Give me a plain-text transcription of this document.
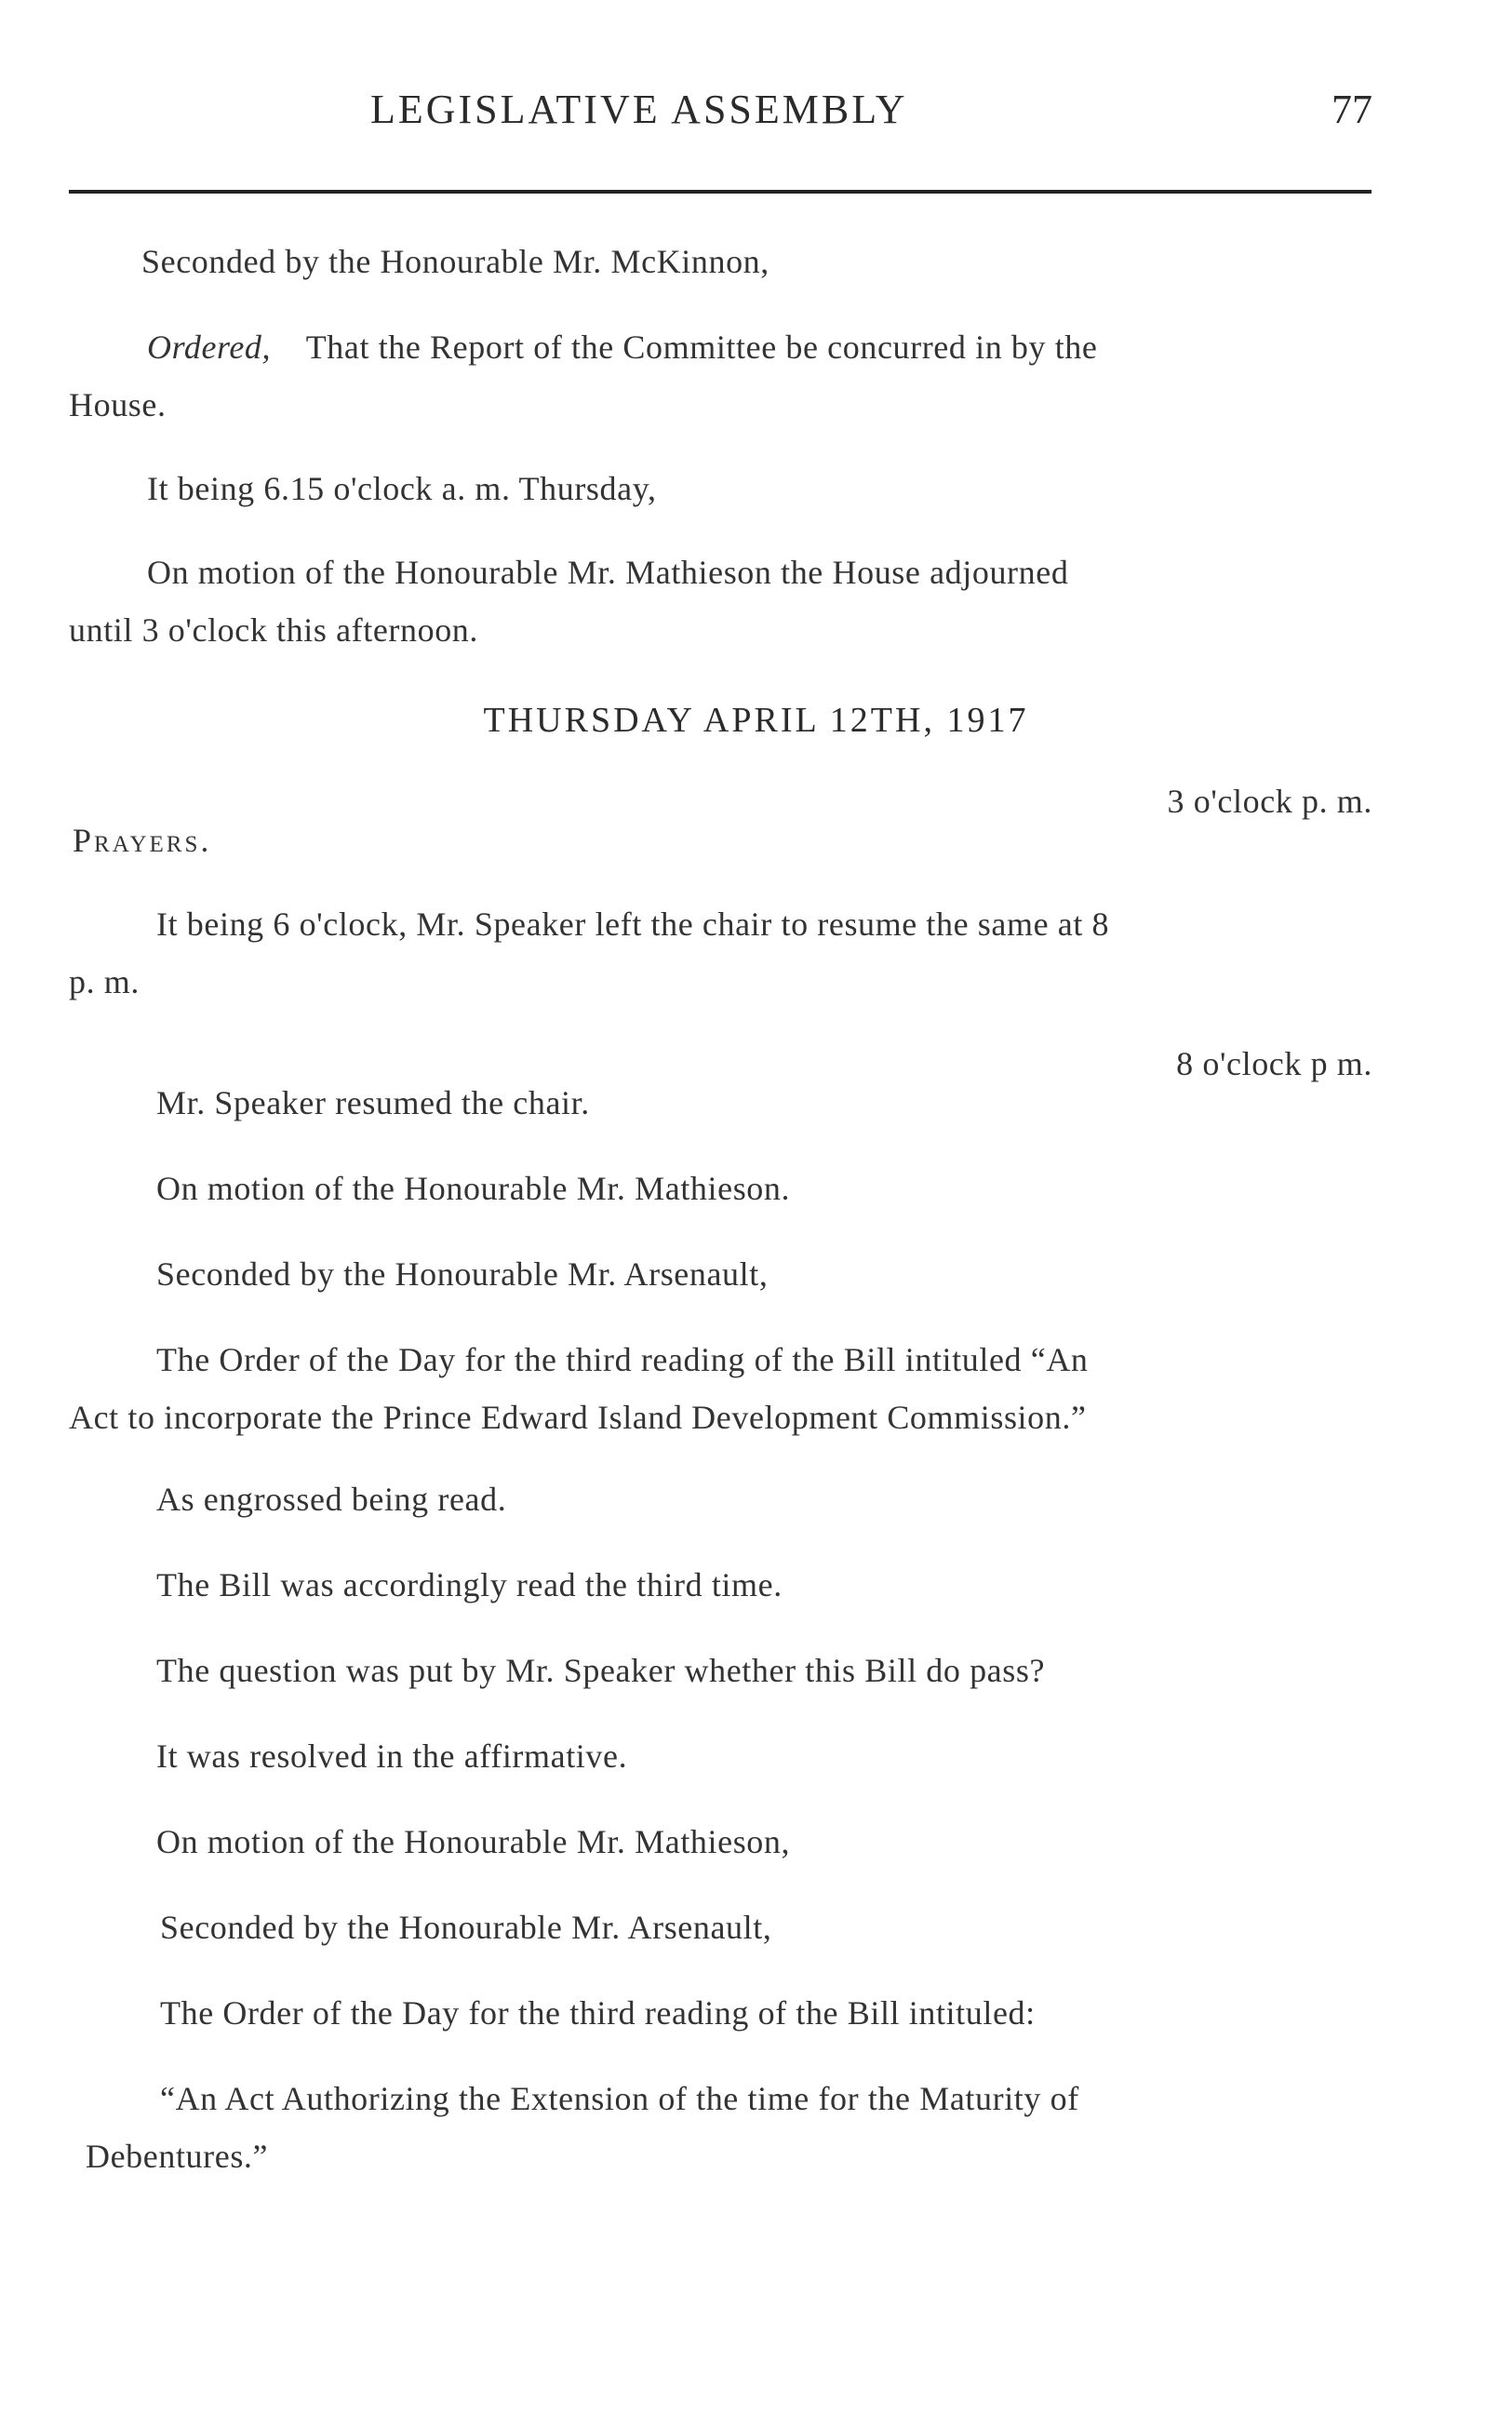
LEGISLATIVE ASSEMBLY	77
Seconded by the Honourable Mr. McKinnon,
Ordered, That the Report of the Committee be concurred in by the
House.
It being 6.15 o'clock a. m. Thursday,
On motion of the Honourable Mr. Mathieson the House adjourned
until 3 o'clock this afternoon.
THURSDAY APRIL 12TH, 1917
3 o'clock p. m.
Prayers.
It being 6 o'clock, Mr. Speaker left the chair to resume the same at 8
p. m.
8 o'clock p m.
Mr. Speaker resumed the chair.
On motion of the Honourable Mr. Mathieson.
Seconded by the Honourable Mr. Arsenault,
The Order of the Day for the third reading of the Bill intituled “An
Act to incorporate the Prince Edward Island Development Commission.”
As engrossed being read.
The Bill was accordingly read the third time.
The question was put by Mr. Speaker whether this Bill do pass?
It was resolved in the affirmative.
On motion of the Honourable Mr. Mathieson,
Seconded by the Honourable Mr. Arsenault,
The Order of the Day for the third reading of the Bill intituled:
“An Act Authorizing the Extension of the time for the Maturity of
Debentures.”
